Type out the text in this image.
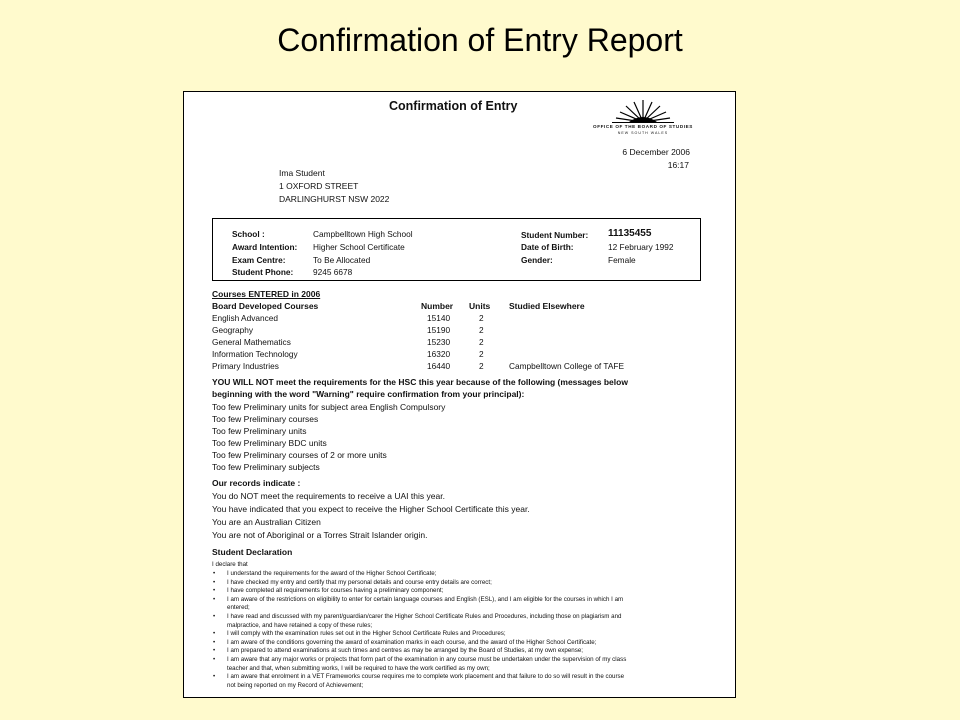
Confirmation of Entry Report
Confirmation of Entry
OFFICE OF THE BOARD OF STUDIES
NEW SOUTH WALES
6 December 2006
16:17
Ima Student
1 OXFORD STREET
DARLINGHURST NSW 2022
School :	Campbelltown High School
Award Intention: Higher School Certificate
Exam Centre:	To Be Allocated
Student Phone: 9245 6678
Student Number: 11135455
Date of Birth:	12 February 1992
Gender:	Female
Courses ENTERED in 2006
Board Developed Courses	Number Units Studied Elsewhere
English Advanced	15140	2
Geography	15190	2
General Mathematics	15230	2
Information Technology	16320	2
Primary Industries	16440	2	Campbelltown College of TAFE
YOU WILL NOT meet the requirements for the HSC this year because of the following (messages below
beginning with the word "Warning" require confirmation from your principal):
Too few Preliminary units for subject area English Compulsory
Too few Preliminary courses
Too few Preliminary units
Too few Preliminary BDC units
Too few Preliminary courses of 2 or more units
Too few Preliminary subjects
Our records indicate :
You do NOT meet the requirements to receive a UAI this year.
You have indicated that you expect to receive the Higher School Certificate this year.
You are an Australian Citizen
You are not of Aboriginal or a Torres Strait Islander origin.
Student Declaration
I declare that
• I understand the requirements for the award of the Higher School Certificate;
• I have checked my entry and certify that my personal details and course entry details are correct;
• I have completed all requirements for courses having a preliminary component;
• I am aware of the restrictions on eligibility to enter for certain language courses and English (ESL), and I am eligible for the courses in which I am
entered;
• I have read and discussed with my parent/guardian/carer the Higher School Certificate Rules and Procedures, including those on plagiarism and
malpractice, and have retained a copy of these rules;
• I will comply with the examination rules set out in the Higher School Certificate Rules and Procedures;
• I am aware of the conditions governing the award of examination marks in each course, and the award of the Higher School Certificate;
• I am prepared to attend examinations at such times and centres as may be arranged by the Board of Studies, at my own expense;
• I am aware that any major works or projects that form part of the examination in any course must be undertaken under the supervision of my class
teacher and that, when submitting works, I will be required to have the work certified as my own;
• I am aware that enrolment in a VET Frameworks course requires me to complete work placement and that failure to do so will result in the course
not being reported on my Record of Achievement;
